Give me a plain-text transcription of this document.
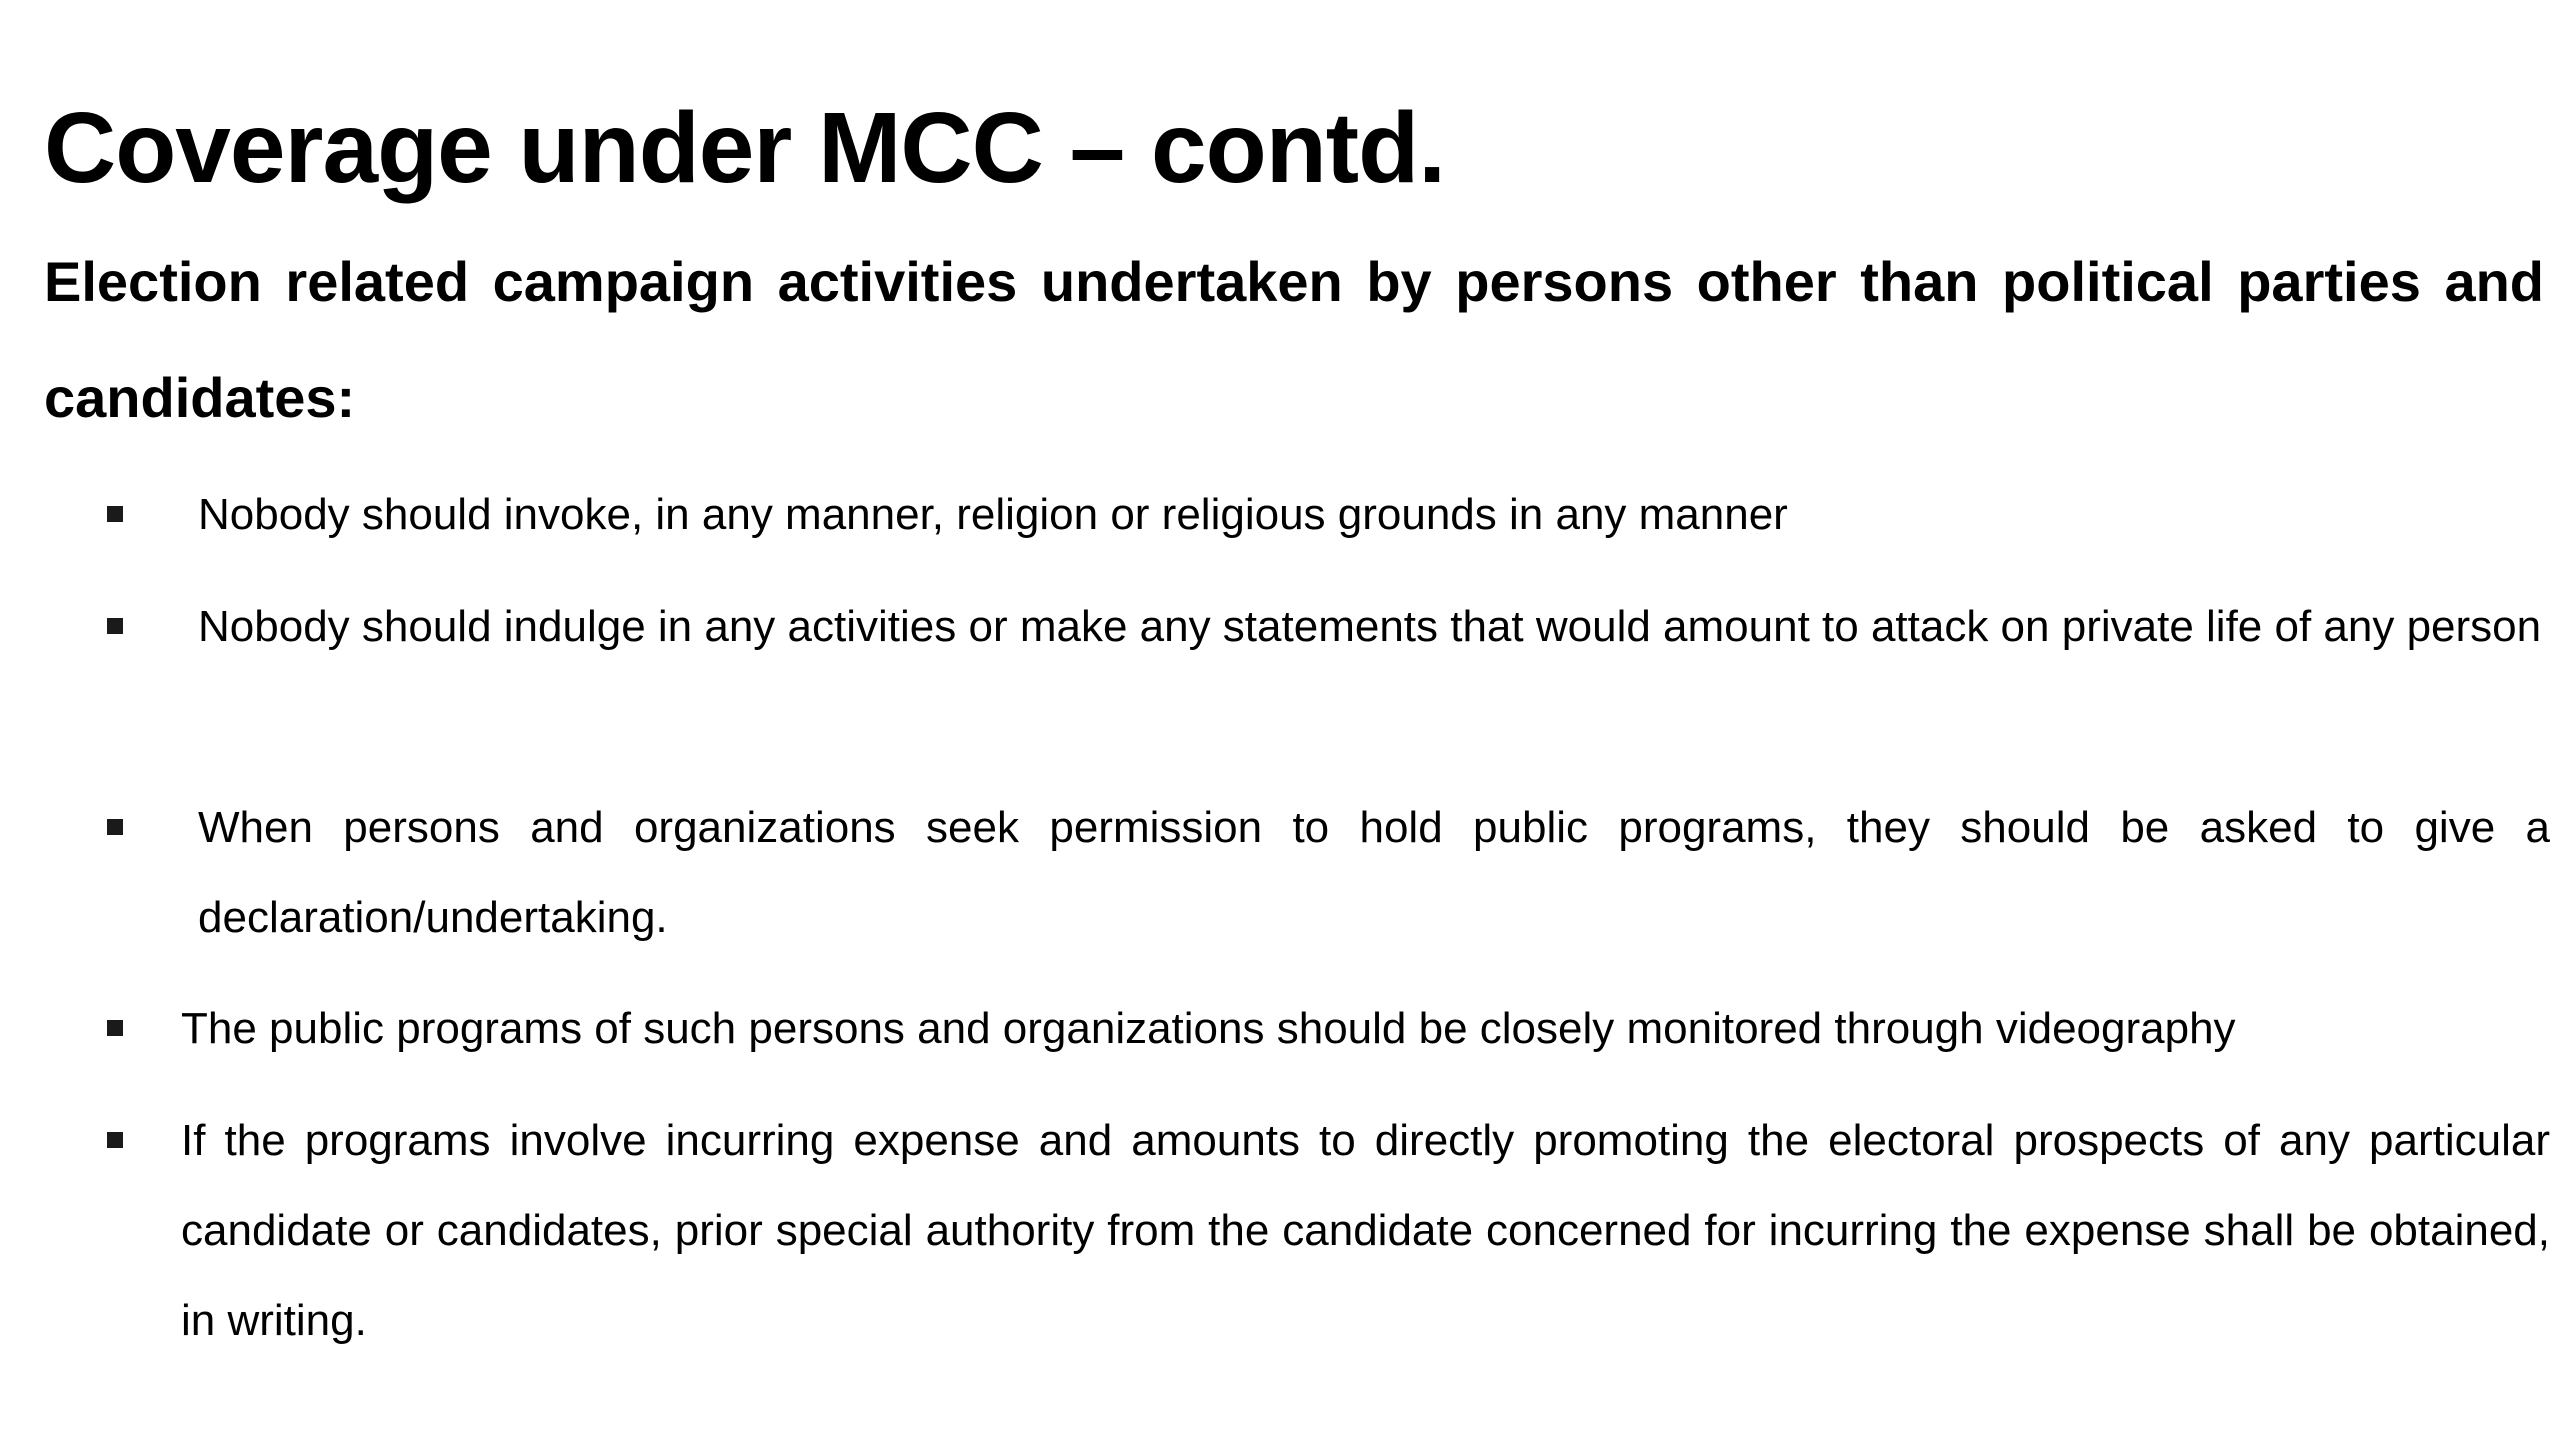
Coverage under MCC – contd.

Election related campaign activities undertaken by persons other than political parties and candidates:

Nobody should invoke, in any manner, religion or religious grounds in any manner
Nobody should indulge in any activities or make any statements that would amount to attack on private life of any person
When persons and organizations seek permission to hold public programs, they should be asked to give a declaration/undertaking.
The public programs of such persons and organizations should be closely monitored through videography
If the programs involve incurring expense and amounts to directly promoting the electoral prospects of any particular candidate or candidates, prior special authority from the candidate concerned for incurring the expense shall be obtained, in writing.
